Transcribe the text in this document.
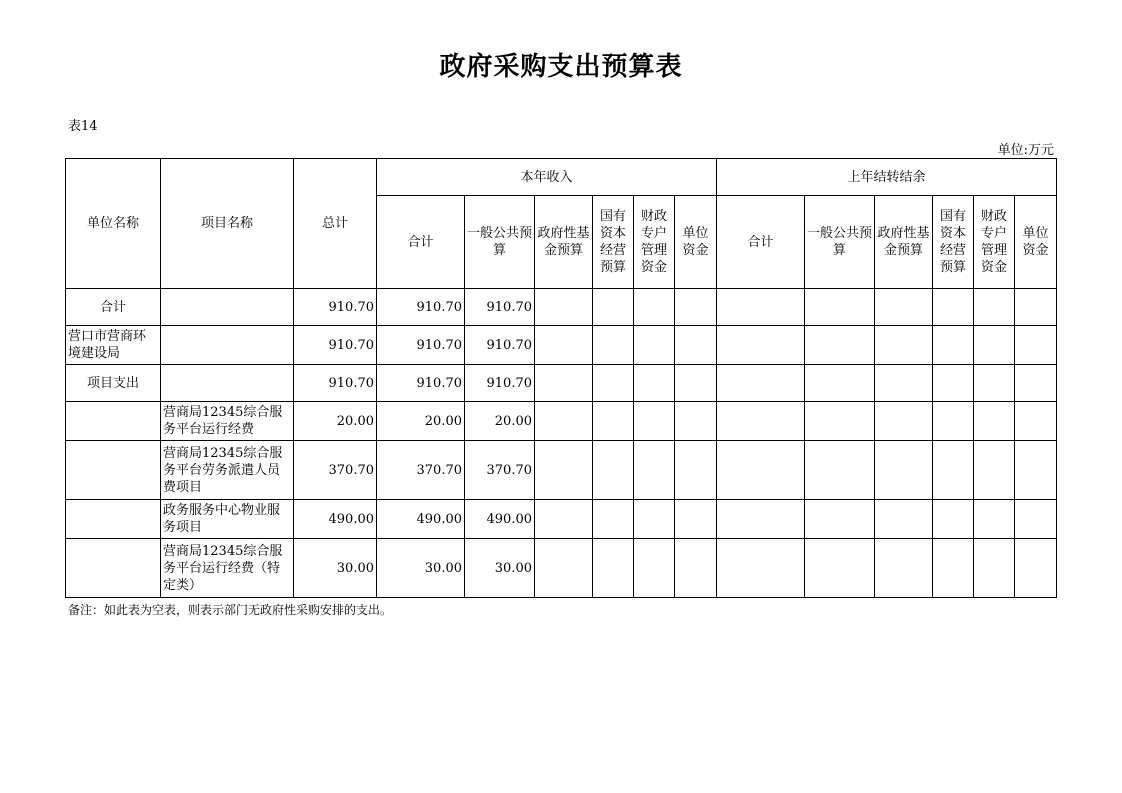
政府采购支出预算表
表14
单位:万元
单位名称	项目名称	总计	本年收入						上年结转结余					
			合计	一般公共预算	政府性基金预算	国有资本经营预算	财政专户管理资金	单位资金	合计	一般公共预算	政府性基金预算	国有资本经营预算	财政专户管理资金	单位资金
合计		910.70	910.70	910.70										
营口市营商环境建设局		910.70	910.70	910.70										
项目支出		910.70	910.70	910.70										
	营商局12345综合服务平台运行经费	20.00	20.00	20.00										
	营商局12345综合服务平台劳务派遣人员费项目	370.70	370.70	370.70										
	政务服务中心物业服务项目	490.00	490.00	490.00										
	营商局12345综合服务平台运行经费（特定类）	30.00	30.00	30.00										
备注：如此表为空表，则表示部门无政府性采购安排的支出。
